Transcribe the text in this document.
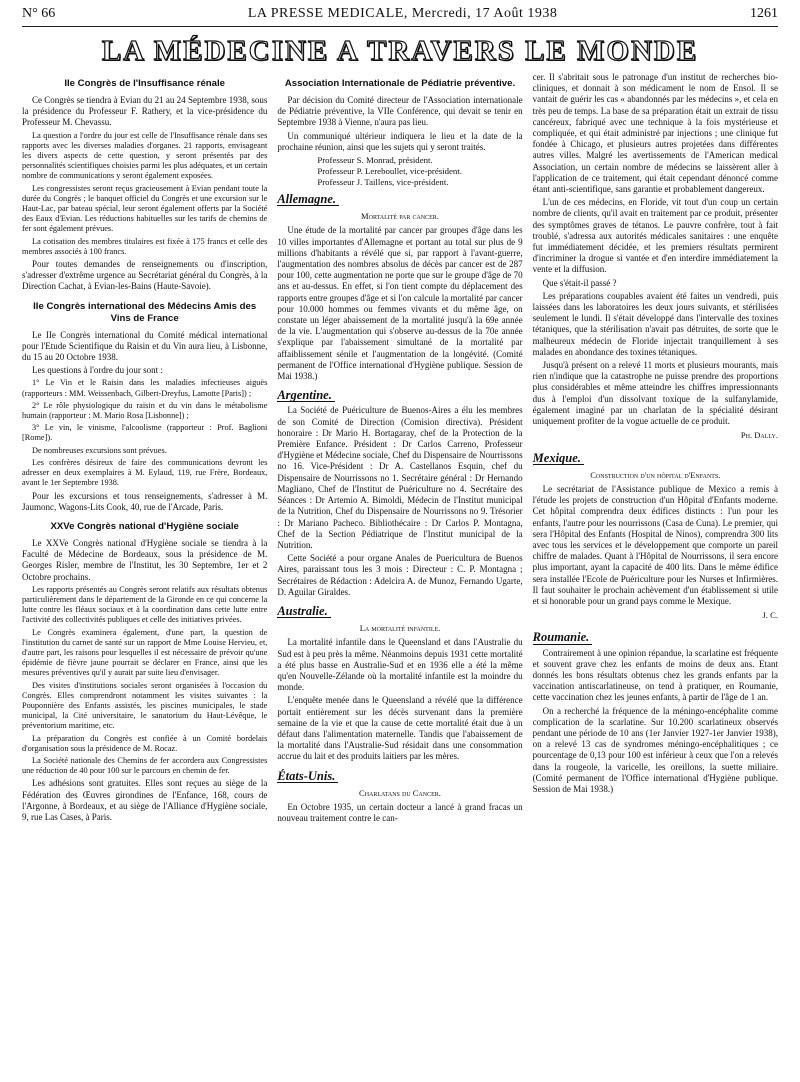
N° 66	LA PRESSE MEDICALE, Mercredi, 17 Août 1938	1261
LA MÉDECINE A TRAVERS LE MONDE
IIe Congrès de l'Insuffisance rénale

Ce Congrès se tiendra à Evian du 21 au 24 Septembre 1938, sous la présidence du Professeur F. Rathery, et la vice-présidence du Professeur M. Chevassu.

La question a l'ordre du jour est celle de l'Insuffisance rénale dans ses rapports avec les diverses maladies d'organes. 21 rapports, envisageant les divers aspects de cette question, y seront présentés par des personnalités scientifiques choisies parmi les plus adéquates, et un certain nombre de communications y seront également exposées.

Les congressistes seront reçus gracieusement à Evian pendant toute la durée du Congrès ; le banquet officiel du Congrès et une excursion sur le Haut-Lac, par bateau spécial, leur seront également offerts par la Société des Eaux d'Evian. Les réductions habituelles sur les tarifs de chemins de fer sont également prévues.

La cotisation des membres titulaires est fixée à 175 francs et celle des membres associés à 100 francs.

Pour toutes demandes de renseignements ou d'inscription, s'adresser d'extrême urgence au Secrétariat général du Congrès, à la Direction Cachat, à Evian-les-Bains (Haute-Savoie).

IIe Congrès international des Médecins Amis des Vins de France

Le IIe Congrès international du Comité médical international pour l'Etude Scientifique du Raisin et du Vin aura lieu, à Lisbonne, du 15 au 20 Octobre 1938.

Les questions à l'ordre du jour sont :

1° Le Vin et le Raisin dans les maladies infectieuses aiguës (rapporteurs : MM. Weissenbach, Gilbert-Dreyfus, Lamotte [Paris]) ;

2° Le rôle physiologique du raisin et du vin dans le métabolisme humain (rapporteur : M. Mario Rosa [Lisbonne]) ;

3° Le vin, le vinisme, l'alcoolisme (rapporteur : Prof. Baglioni [Rome]).

De nombreuses excursions sont prévues.

Les confrères désireux de faire des communications devront les adresser en deux exemplaires à M. Eylaud, 119, rue Frère, Bordeaux, avant le 1er Septembre 1938.

Pour les excursions et tous renseignements, s'adresser à M. Jaumonc, Wagons-Lits Cook, 40, rue de l'Arcade, Paris.

XXVe Congrès national d'Hygiène sociale

Le XXVe Congrès national d'Hygiène sociale se tiendra à la Faculté de Médecine de Bordeaux, sous la présidence de M. Georges Risler, membre de l'Institut, les 30 Septembre, 1er et 2 Octobre prochains.

Les rapports présentés au Congrès seront relatifs aux résultats obtenus particulièrement dans le département de la Gironde en ce qui concerne la lutte contre les fléaux sociaux et à la coordination dans cette lutte entre l'activité des collectivités publiques et celle des initiatives privées.

Le Congrès examinera également, d'une part, la question de l'institution du carnet de santé sur un rapport de Mme Louise Hervieu, et, d'autre part, les raisons pour lesquelles il est nécessaire de prévoir qu'une épidémie de fièvre jaune pourrait se déclarer en France, ainsi que les mesures préventives qu'il y aurait par suite lieu d'envisager.

Des visites d'institutions sociales seront organisées à l'occasion du Congrès. Elles comprendront notamment les visites suivantes : la Pouponnière des Enfants assistés, les piscines municipales, le stade municipal, la Cité universitaire, le sanatorium du Haut-Lévêque, le préventorium maritime, etc.

La préparation du Congrès est confiée à un Comité bordelais d'organisation sous la présidence de M. Rocaz.

La Société nationale des Chemins de fer accordera aux Congressistes une réduction de 40 pour 100 sur le parcours en chemin de fer.

Les adhésions sont gratuites. Elles sont reçues au siège de la Fédération des Œuvres girondines de l'Enfance, 168, cours de l'Argonne, à Bordeaux, et au siège de l'Alliance d'Hygiène sociale, 9, rue Las Cases, à Paris.

Association Internationale de Pédiatrie préventive.

Par décision du Comité directeur de l'Association internationale de Pédiatrie préventive, la VIIe Conférence, qui devait se tenir en Septembre 1938 à Vienne, n'aura pas lieu.

Un communiqué ultérieur indiquera le lieu et la date de la prochaine réunion, ainsi que les sujets qui y seront traités.

Professeur S. Monrad, président.
Professeur P. Lereboullet, vice-président.
Professeur J. Taillens, vice-président.
Allemagne.
Mortalité par cancer.

Une étude de la mortalité par cancer par groupes d'âge dans les 10 villes importantes d'Allemagne et portant au total sur plus de 9 millions d'habitants a révélé que si, par rapport à l'avant-guerre, l'augmentation des nombres absolus de décès par cancer est de 287 pour 100, cette augmentation ne porte que sur le groupe d'âge de 70 ans et au-dessus. En effet, si l'on tient compte du déplacement des rapports entre groupes d'âge et si l'on calcule la mortalité par cancer pour 10.000 hommes ou femmes vivants et du même âge, on constate un léger abaissement de la mortalité jusqu'à la 69e année de la vie. L'augmentation qui s'observe au-dessus de la 70e année s'explique par l'abaissement simultané de la mortalité par affaiblissement sénile et l'augmentation de la longévité. (Comité permanent de l'Office international d'Hygiène publique. Session de Mai 1938.)

Argentine.

La Société de Puériculture de Buenos-Aires a élu les membres de son Comité de Direction (Comision directiva). Président honoraire : Dr Mario H. Bortagaray, chef de la Protection de la Première Enfance. Président : Dr Carlos Carreno, Professeur d'Hygiène et Médecine sociale, Chef du Dispensaire de Nourrissons no 16. Vice-Président : Dr A. Castellanos Esquin, chef du Dispensaire de Nourrissons no 1. Secrétaire général : Dr Hernando Magliano, Chef de l'Institut de Puériculture no 4. Secrétaire des Séances : Dr Artemio A. Bimoldi, Médecin de l'Institut municipal de la Nutrition, Chef du Dispensaire de Nourrissons no 9. Trésorier : Dr Mariano Pacheco. Bibliothécaire : Dr Carlos P. Montagna, Chef de la Section Pédiatrique de l'Institut municipal de la Nutrition.

Cette Société a pour organe Anales de Puericultura de Buenos Aires, paraissant tous les 3 mois : Directeur : C. P. Montagna ; Secrétaires de Rédaction : Adelcira A. de Munoz, Fernando Ugarte, D. Aguilar Giraldes.

Australie.
La mortalité infantile.

La mortalité infantile dans le Queensland et dans l'Australie du Sud est à peu près la même. Néanmoins depuis 1931 cette mortalité a été plus basse en Australie-Sud et en 1936 elle a été la même qu'en Nouvelle-Zélande où la mortalité infantile est la moindre du monde.

L'enquête menée dans le Queensland a révélé que la différence portait entièrement sur les décès survenant dans la première semaine de la vie et que la cause de cette mortalité était due à un défaut dans l'alimentation maternelle. Tandis que l'abaissement de la mortalité dans l'Australie-Sud résidait dans une consommation accrue du lait et des produits laitiers par les mères.

États-Unis.
Charlatans du Cancer.

En Octobre 1935, un certain docteur a lancé à grand fracas un nouveau traitement contre le can-

cer. Il s'abritait sous le patronage d'un institut de recherches bio-cliniques, et donnait à son médicament le nom de Ensol. Il se vantait de guérir les cas « abandonnés par les médecins », et cela en très peu de temps. La base de sa préparation était un extrait de tissu cancéreux, fabriqué avec une technique à la fois mystérieuse et compliquée, et qui était administré par injections ; une clinique fut fondée à Chicago, et plusieurs autres projetées dans différentes autres villes. Malgré les avertissements de l'American medical Association, un certain nombre de médecins se laissèrent aller à l'application de ce traitement, qui était cependant dénoncé comme étant anti-scientifique, sans garantie et probablement dangereux.

L'un de ces médecins, en Floride, vit tout d'un coup un certain nombre de clients, qu'il avait en traitement par ce produit, présenter des symptômes graves de tétanos. Le pauvre confrère, tout à fait troublé, s'adressa aux autorités médicales sanitaires : une enquête fut immédiatement décidée, et les premiers résultats permirent d'incriminer la drogue si vantée et d'en interdire immédiatement la vente et la diffusion.

Que s'était-il passé ?

Les préparations coupables avaient été faites un vendredi, puis laissées dans les laboratoires les deux jours suivants, et stérilisées seulement le lundi. Il s'était développé dans l'intervalle des toxines tétaniques, que la stérilisation n'avait pas détruites, de sorte que le malheureux médecin de Floride injectait tranquillement à ses malades en abondance des toxines tétaniques.

Jusqu'à présent on a relevé 11 morts et plusieurs mourants, mais rien n'indique que la catastrophe ne puisse prendre des proportions plus considérables et même atteindre les chiffres impressionnants dus à l'emploi d'un dissolvant toxique de la sulfanylamide, également imaginé par un charlatan de la spécialité désirant uniquement profiter de la vogue actuelle de ce produit.

Ph. Dally.
Mexique.
Construction d'un hôpital d'Enfants.

Le secrétariat de l'Assistance publique de Mexico a remis à l'étude les projets de construction d'un Hôpital d'Enfants moderne. Cet hôpital comprendra deux édifices distincts : l'un pour les enfants, l'autre pour les nourrissons (Casa de Cuna). Le premier, qui sera l'Hôpital des Enfants (Hospital de Ninos), comprendra 300 lits avec tous les services et le développement que comporte un pareil chiffre de malades. Quant à l'Hôpital de Nourrissons, il sera encore plus important, ayant la capacité de 400 lits. Dans le même édifice sera installée l'Ecole de Puériculture pour les Nurses et Infirmières. Il faut souhaiter le prochain achèvement d'un établissement si utile et si honorable pour un grand pays comme le Mexique.

J. C.
Roumanie.

Contrairement à une opinion répandue, la scarlatine est fréquente et souvent grave chez les enfants de moins de deux ans. Etant donnés les bons résultats obtenus chez les grands enfants par la vaccination antiscarlatineuse, on tend à pratiquer, en Roumanie, cette vaccination chez les jeunes enfants, à partir de l'âge de 1 an.

On a recherché la fréquence de la méningo-encéphalite comme complication de la scarlatine. Sur 10.200 scarlatineux observés pendant une période de 10 ans (1er Janvier 1927-1er Janvier 1938), on a relevé 13 cas de syndromes méningo-encéphalitiques ; ce pourcentage de 0,13 pour 100 est inférieur à ceux que l'on a relevés dans la rougeole, la varicelle, les oreillons, la suette miliaire. (Comité permanent de l'Office international d'Hygiène publique. Session de Mai 1938.)
